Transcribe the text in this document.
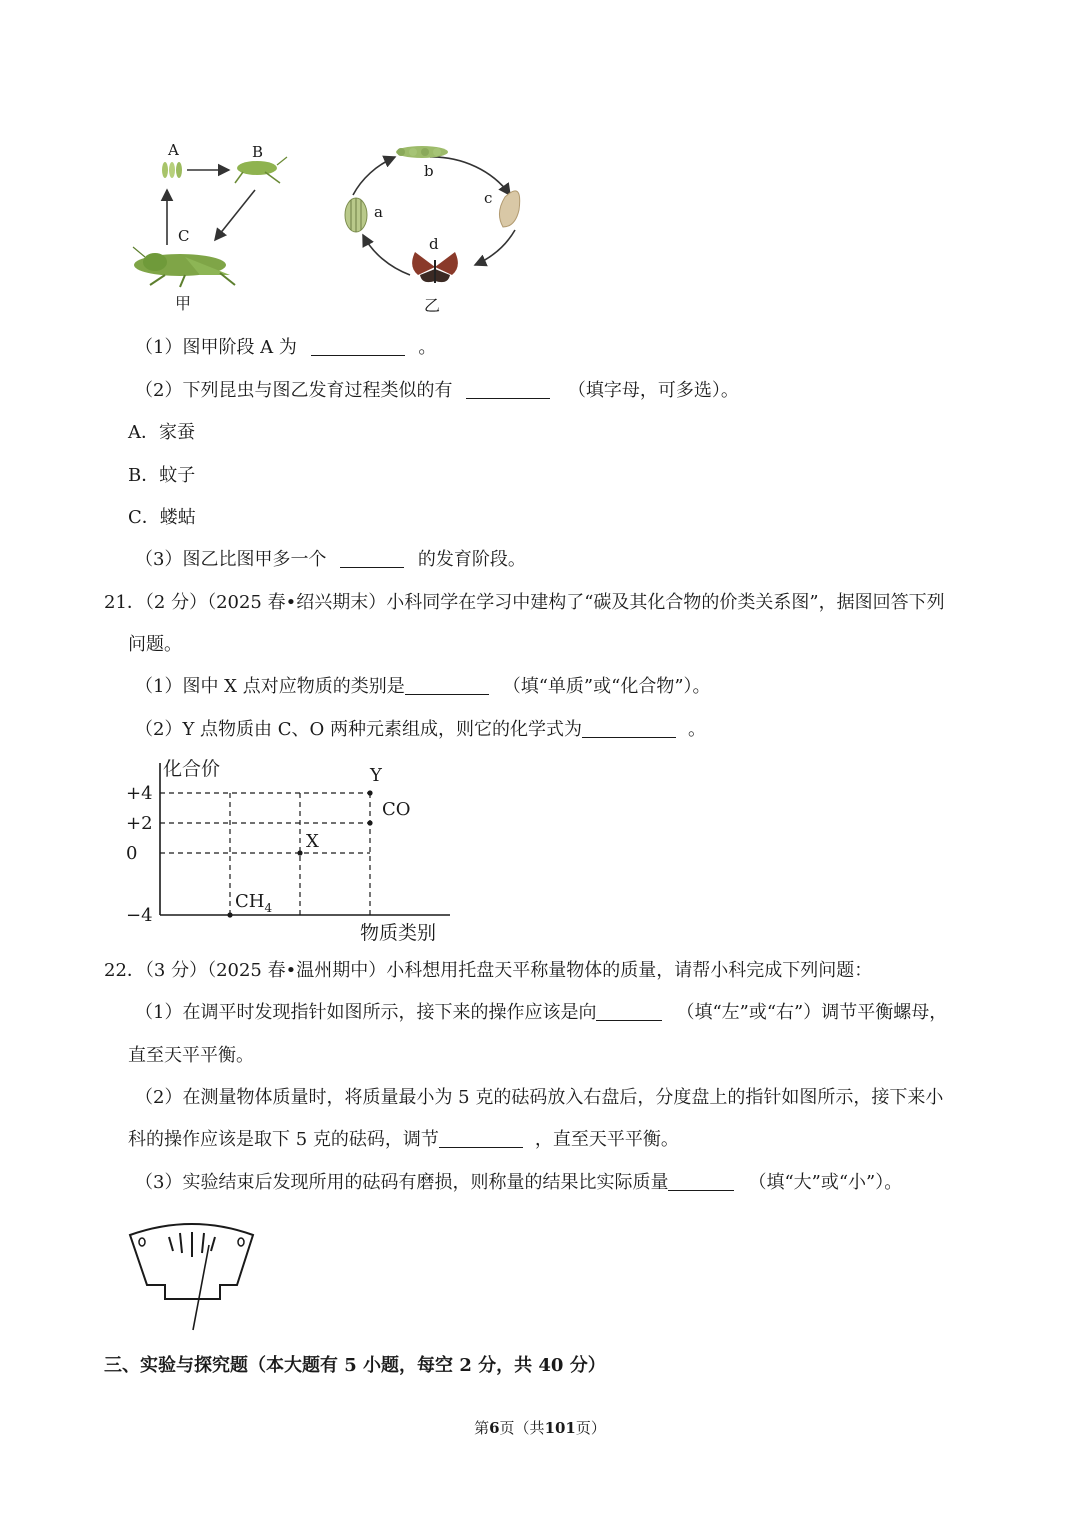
A	B
C
甲
b
c
a
d
乙
（1）图甲阶段 A 为	。
（2）下列昆虫与图乙发育过程类似的有	（填字母，可多选）。
A．家蚕
B．蚊子
C．蝼蛄
（3）图乙比图甲多一个	的发育阶段。
21．（2 分）（2025 春•绍兴期末）小科同学在学习中建构了“碳及其化合物的价类关系图”，据图回答下列
问题。
（1）图中 X 点对应物质的类别是	（填“单质”或“化合物”）。
（2）Y 点物质由 C、O 两种元素组成，则它的化学式为	。
化合价
物质类别
+4
+2
0
−4
$CH_4$
X
CO
Y
22．（3 分）（2025 春•温州期中）小科想用托盘天平称量物体的质量，请帮小科完成下列问题：
（1）在调平时发现指针如图所示，接下来的操作应该是向	（填“左”或“右”）调节平衡螺母，
直至天平平衡。
（2）在测量物体质量时，将质量最小为 5 克的砝码放入右盘后，分度盘上的指针如图所示，接下来小
科的操作应该是取下 5 克的砝码，调节	，直至天平平衡。
（3）实验结束后发现所用的砝码有磨损，则称量的结果比实际质量	（填“大”或“小”）。
三、实验与探究题（本大题有 5 小题，每空 2 分，共 40 分）
第6页（共101页）
